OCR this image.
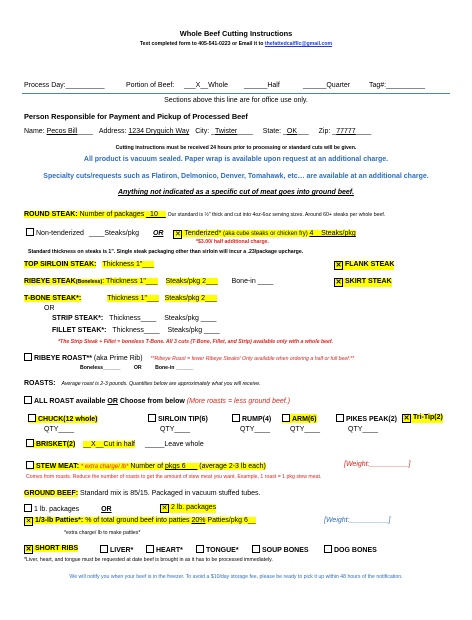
Whole Beef Cutting Instructions
Text completed form to 405-541-0223 or Email it to thefattedcalfllc@gmail.com
Process Day:__________	Portion of Beef: ___X__Whole ______Half	______Quarter	Tag#:__________
Sections above this line are for office use only.
Person Responsible for Payment and Pickup of Processed Beef
Name: Pecos Bill____ Address: 1234 Dryguich Way City: _Twister____ State: _OK___ Zip: _77777____
Cutting instructions must be received 24 hours prior to processing or standard cuts will be given.
All product is vacuum sealed. Paper wrap is available upon request at an additional charge.
Specialty cuts/requests such as Flatiron, Delmonico, Denver, Tomahawk, etc… are available at an additional charge.
Anything not indicated as a specific cut of meat goes into ground beef.
ROUND STEAK: Number of packages _10__ Our standard is ½" thick and cut into 4oz-6oz serving sizes. Around 60+ steaks per whole beef.
Non-tenderized ____Steaks/pkg OR ✕ Tenderized* (aka cube steaks or chicken fry) 4__Steaks/pkg
*$3.00/ half additional charge.
Standard thickness on steaks is 1". Single steak packaging other than sirloin will incur a .23/package upcharge.
TOP SIRLOIN STEAK: Thickness 1"___	✕ FLANK STEAK
RIBEYE STEAK(Boneless): Thickness 1"___ Steaks/pkg 2___ Bone-in ____	✕ SKIRT STEAK
T-BONE STEAK*:	Thickness 1"___ Steaks/pkg 2___
OR
STRIP STEAK*: Thickness____ Steaks/pkg ____
FILLET STEAK*: Thickness____ Steaks/pkg ____
*The Strip Steak + Fillet = boneless T-Bone. All 3 cuts (T-Bone, Fillet, and Strip) available only with a whole beef.
RIBEYE ROAST** (aka Prime Rib) **Ribeye Roast = fewer Ribeye Steaks! Only available when ordering a half or full beef.**
Boneless______	OR	Bone-in ______
ROASTS: Average roast is 2-3 pounds. Quantities below are approximately what you will receive.
ALL ROAST available OR Choose from below (More roasts = less ground beef.)
CHUCK(12 whole)	SIRLOIN TIP(6)	RUMP(4)	ARM(6)	PIKES PEAK(2) ✕ Tri-Tip(2)
QTY____	QTY____	QTY____	QTY____	QTY____
BRISKET(2) __X__Cut in half _____Leave whole
STEW MEAT: * extra charge/ lb* Number of pkgs 6___ (average 2-3 lb each)	[Weight:__________]
Comes from roasts. Reduce the number of roasts to get the amount of stew meat you want. Example, 1 roast = 1 pkg stew meat.
GROUND BEEF: Standard mix is 85/15. Packaged in vacuum stuffed tubes.
1 lb. packages	OR	✕ 2 lb. packages
✕ 1/3-lb Patties*: % of total ground beef into patties 20% Patties/pkg 6__	[Weight:__________]
*extra charge/ lb to make patties*
✕ SHORT RIBS	LIVER*	HEART*	TONGUE*	SOUP BONES	DOG BONES
*Liver, heart, and tongue must be requested at date beef is brought in as it has to be processed immediately.
We will notify you when your beef is in the freezer. To avoid a $10/day storage fee, please be ready to pick it up within 48 hours of the notification.
